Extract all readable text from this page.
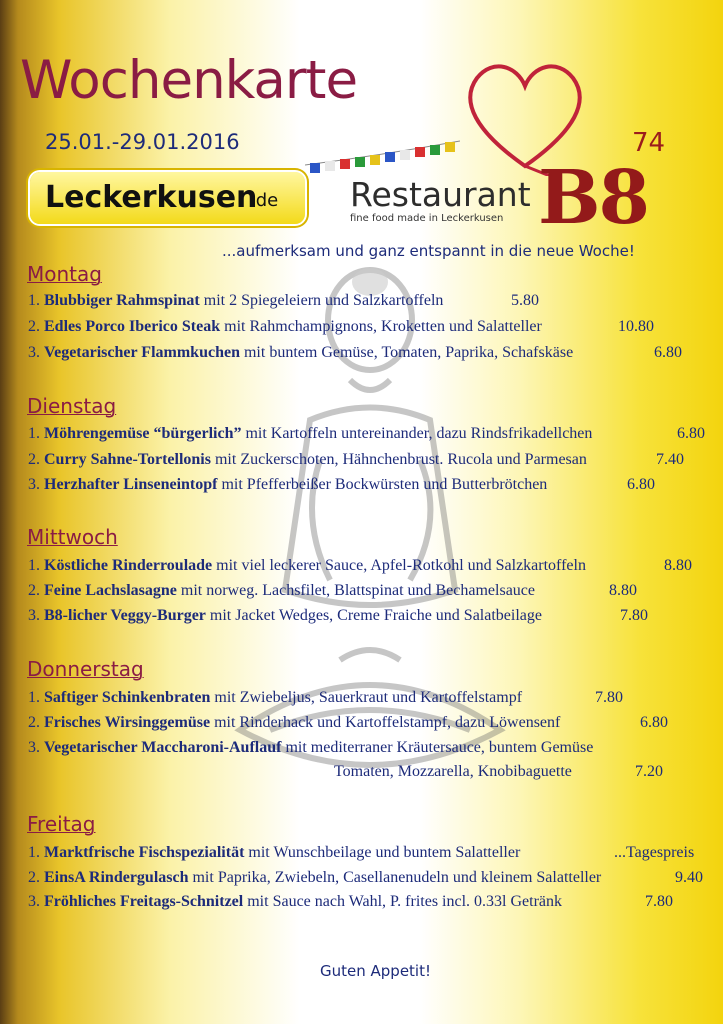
Wochenkarte
25.01.-29.01.2016	74
Leckerkusen
.de Restaurant
fine food made in Leckerkusen B8
...aufmerksam und ganz entspannt in die neue Woche!
Montag
1. Blubbiger Rahmspinat mit 2 Spiegeleiern und Salzkartoffeln	5.80
2. Edles Porco Iberico Steak mit Rahmchampignons, Kroketten und Salatteller	10.80
3. Vegetarischer Flammkuchen mit buntem Gemüse, Tomaten, Paprika, Schafskäse	6.80
Dienstag
1. Möhrengemüse “bürgerlich” mit Kartoffeln untereinander, dazu Rindsfrikadellchen	6.80
2. Curry Sahne-Tortellonis mit Zuckerschoten, Hähnchenbrust. Rucola und Parmesan	7.40
3. Herzhafter Linseneintopf mit Pfefferbeißer Bockwürsten und Butterbrötchen	6.80
Mittwoch
1. Köstliche Rinderroulade mit viel leckerer Sauce, Apfel-Rotkohl und Salzkartoffeln	8.80
2. Feine Lachslasagne mit norweg. Lachsfilet, Blattspinat und Bechamelsauce	8.80
3. B8-licher Veggy-Burger mit Jacket Wedges, Creme Fraiche und Salatbeilage	7.80
Donnerstag
1. Saftiger Schinkenbraten mit Zwiebeljus, Sauerkraut und Kartoffelstampf	7.80
2. Frisches Wirsinggemüse mit Rinderhack und Kartoffelstampf, dazu Löwensenf	6.80
3. Vegetarischer Maccharoni-Auflauf mit mediterraner Kräutersauce, buntem Gemüse
Tomaten, Mozzarella, Knobibaguette	7.20
Freitag
1. Marktfrische Fischspezialität mit Wunschbeilage und buntem Salatteller	...Tagespreis
2. EinsA Rindergulasch mit Paprika, Zwiebeln, Casellanenudeln und kleinem Salatteller	9.40
3. Fröhliches Freitags-Schnitzel mit Sauce nach Wahl, P. frites incl. 0.33l Getränk	7.80
Guten Appetit!
